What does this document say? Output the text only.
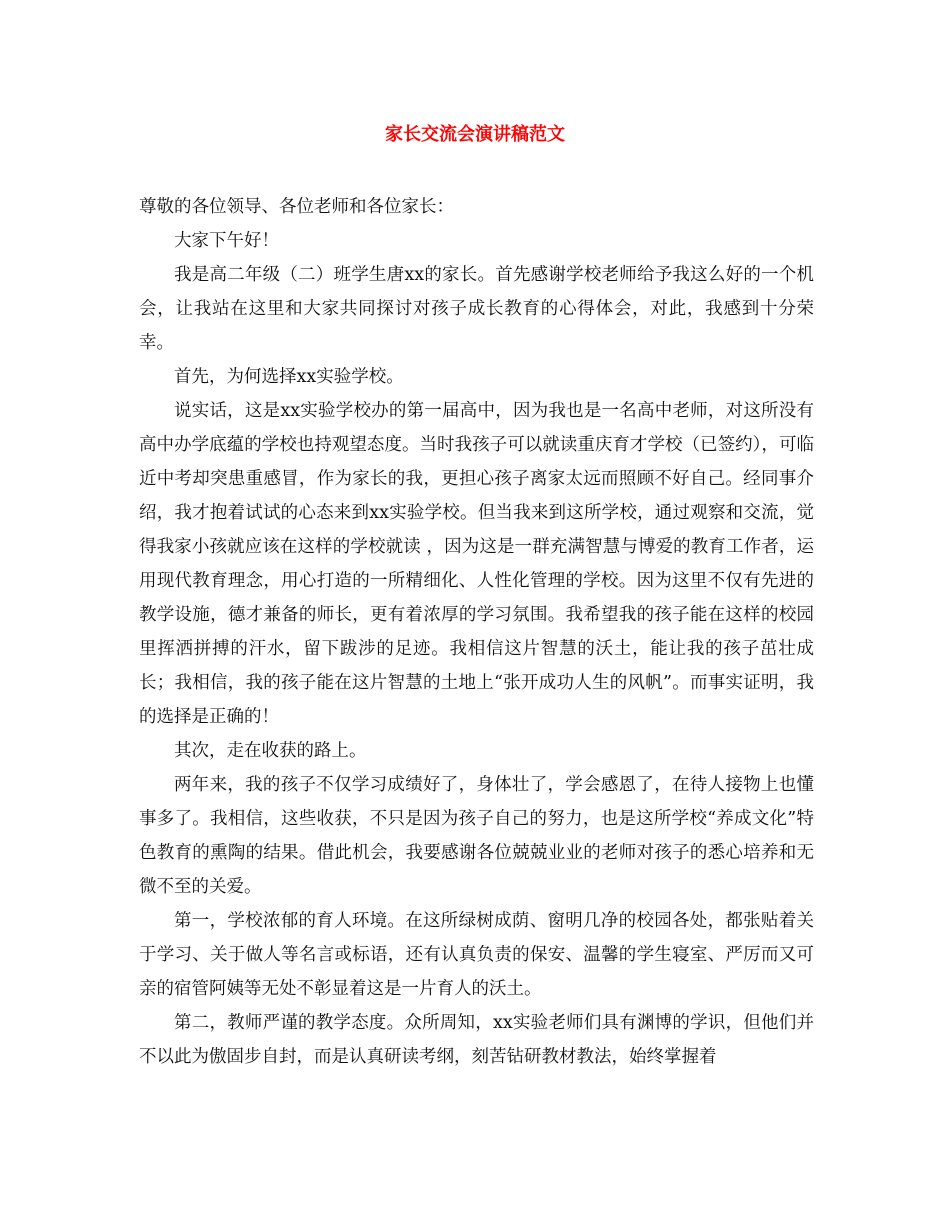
家长交流会演讲稿范文

尊敬的各位领导、各位老师和各位家长：

大家下午好！

我是高二年级（二）班学生唐xx的家长。首先感谢学校老师给予我这么好的一个机会，让我站在这里和大家共同探讨对孩子成长教育的心得体会，对此，我感到十分荣幸。

首先，为何选择xx实验学校。

说实话，这是xx实验学校办的第一届高中，因为我也是一名高中老师，对这所没有高中办学底蕴的学校也持观望态度。当时我孩子可以就读重庆育才学校（已签约），可临近中考却突患重感冒，作为家长的我，更担心孩子离家太远而照顾不好自己。经同事介绍，我才抱着试试的心态来到xx实验学校。但当我来到这所学校，通过观察和交流，觉得我家小孩就应该在这样的学校就读 ，因为这是一群充满智慧与博爱的教育工作者，运用现代教育理念，用心打造的一所精细化、人性化管理的学校。因为这里不仅有先进的教学设施，德才兼备的师长，更有着浓厚的学习氛围。我希望我的孩子能在这样的校园里挥洒拼搏的汗水，留下跋涉的足迹。我相信这片智慧的沃土，能让我的孩子茁壮成长；我相信，我的孩子能在这片智慧的土地上“张开成功人生的风帆”。而事实证明，我的选择是正确的！

其次，走在收获的路上。

两年来，我的孩子不仅学习成绩好了，身体壮了，学会感恩了，在待人接物上也懂事多了。我相信，这些收获，不只是因为孩子自己的努力，也是这所学校“养成文化”特色教育的熏陶的结果。借此机会，我要感谢各位兢兢业业的老师对孩子的悉心培养和无微不至的关爱。

第一，学校浓郁的育人环境。在这所绿树成荫、窗明几净的校园各处，都张贴着关于学习、关于做人等名言或标语，还有认真负责的保安、温馨的学生寝室、严厉而又可亲的宿管阿姨等无处不彰显着这是一片育人的沃土。

第二，教师严谨的教学态度。众所周知，xx实验老师们具有渊博的学识，但他们并不以此为傲固步自封，而是认真研读考纲，刻苦钻研教材教法，始终掌握着
